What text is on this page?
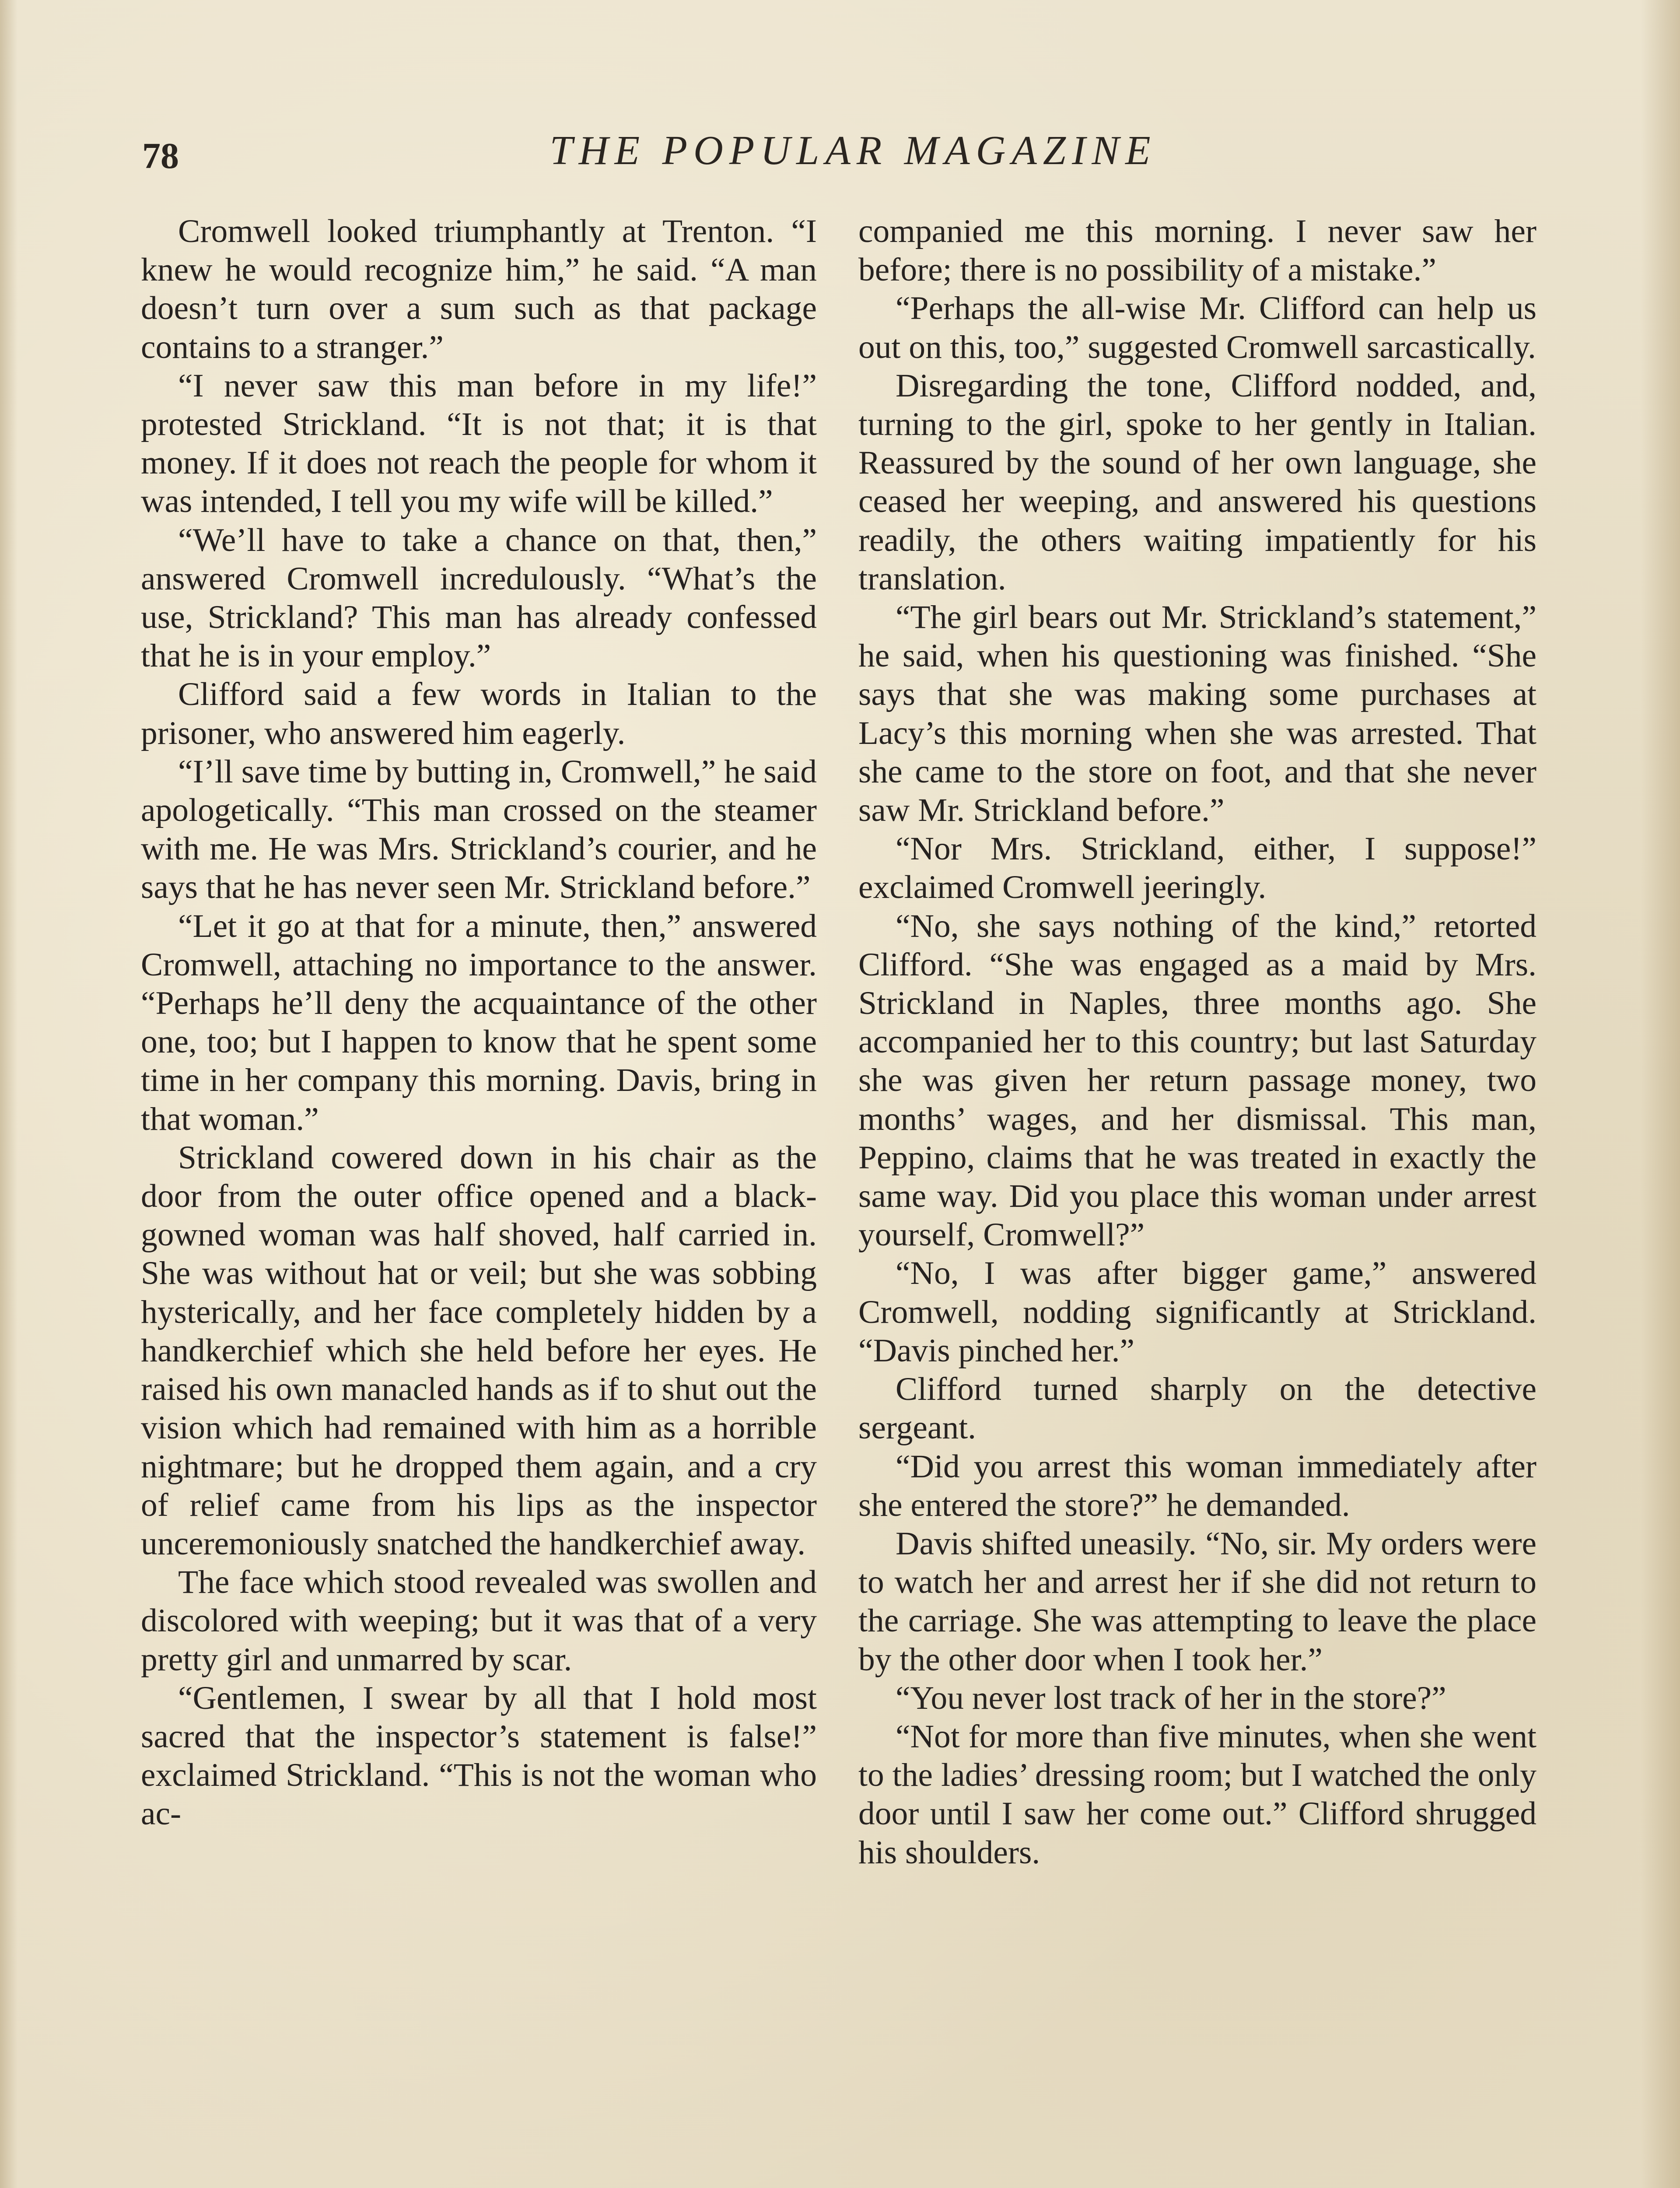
78	THE POPULAR MAGAZINE

Cromwell looked triumphantly at Trenton. “I knew he would recognize him,” he said. “A man doesn’t turn over a sum such as that package contains to a stranger.”

“I never saw this man before in my life!” protested Strickland. “It is not that; it is that money. If it does not reach the people for whom it was intended, I tell you my wife will be killed.”

“We’ll have to take a chance on that, then,” answered Cromwell incredulously. “What’s the use, Strickland? This man has already confessed that he is in your employ.”

Clifford said a few words in Italian to the prisoner, who answered him eagerly.

“I’ll save time by butting in, Cromwell,” he said apologetically. “This man crossed on the steamer with me. He was Mrs. Strickland’s courier, and he says that he has never seen Mr. Strickland before.”

“Let it go at that for a minute, then,” answered Cromwell, attaching no importance to the answer. “Perhaps he’ll deny the acquaintance of the other one, too; but I happen to know that he spent some time in her company this morning. Davis, bring in that woman.”

Strickland cowered down in his chair as the door from the outer office opened and a black-gowned woman was half shoved, half carried in. She was without hat or veil; but she was sobbing hysterically, and her face completely hidden by a handkerchief which she held before her eyes. He raised his own manacled hands as if to shut out the vision which had remained with him as a horrible nightmare; but he dropped them again, and a cry of relief came from his lips as the inspector unceremoniously snatched the handkerchief away.

The face which stood revealed was swollen and discolored with weeping; but it was that of a very pretty girl and unmarred by scar.

“Gentlemen, I swear by all that I hold most sacred that the inspector’s statement is false!” exclaimed Strickland. “This is not the woman who ac-

companied me this morning. I never saw her before; there is no possibility of a mistake.”

“Perhaps the all-wise Mr. Clifford can help us out on this, too,” suggested Cromwell sarcastically.

Disregarding the tone, Clifford nodded, and, turning to the girl, spoke to her gently in Italian. Reassured by the sound of her own language, she ceased her weeping, and answered his questions readily, the others waiting impatiently for his translation.

“The girl bears out Mr. Strickland’s statement,” he said, when his questioning was finished. “She says that she was making some purchases at Lacy’s this morning when she was arrested. That she came to the store on foot, and that she never saw Mr. Strickland before.”

“Nor Mrs. Strickland, either, I suppose!” exclaimed Cromwell jeeringly.

“No, she says nothing of the kind,” retorted Clifford. “She was engaged as a maid by Mrs. Strickland in Naples, three months ago. She accompanied her to this country; but last Saturday she was given her return passage money, two months’ wages, and her dismissal. This man, Peppino, claims that he was treated in exactly the same way. Did you place this woman under arrest yourself, Cromwell?”

“No, I was after bigger game,” answered Cromwell, nodding significantly at Strickland. “Davis pinched her.”

Clifford turned sharply on the detective sergeant.

“Did you arrest this woman immediately after she entered the store?” he demanded.

Davis shifted uneasily. “No, sir. My orders were to watch her and arrest her if she did not return to the carriage. She was attempting to leave the place by the other door when I took her.”

“You never lost track of her in the store?”

“Not for more than five minutes, when she went to the ladies’ dressing room; but I watched the only door until I saw her come out.” Clifford shrugged his shoulders.
